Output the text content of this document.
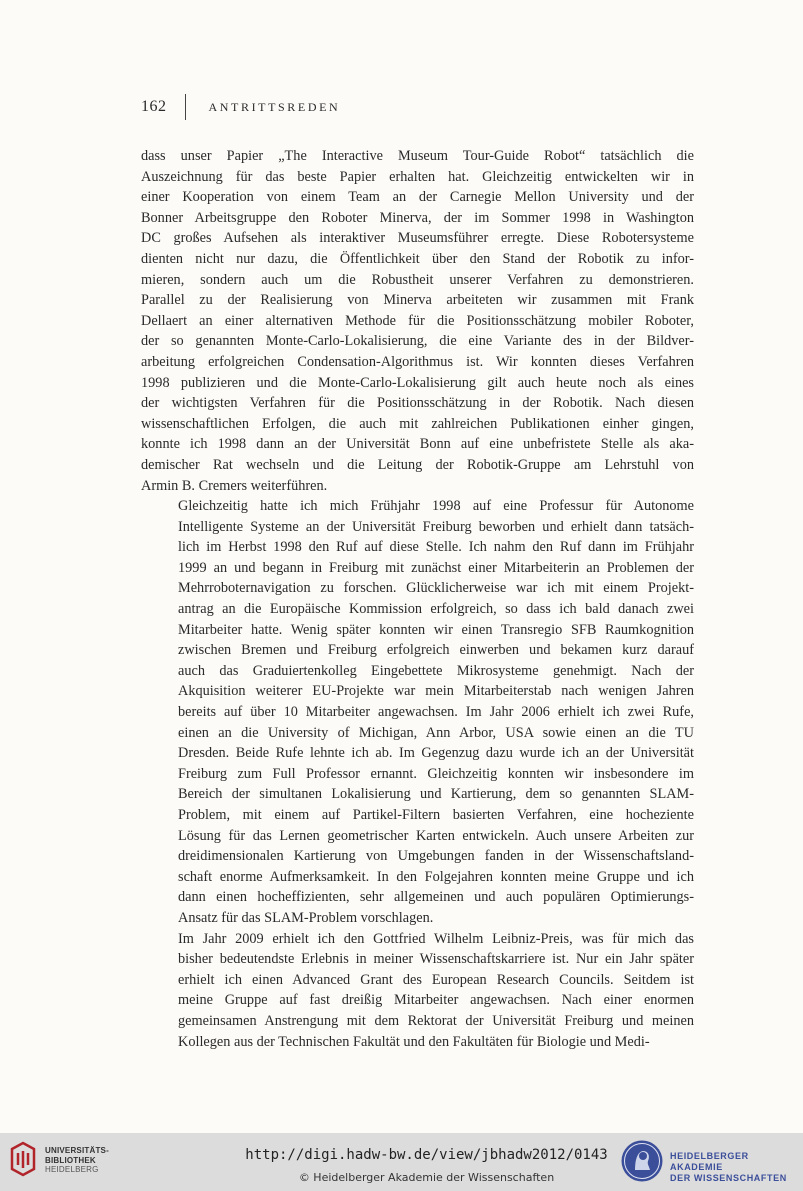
162	ANTRITTSREDEN

dass unser Papier „The Interactive Museum Tour-Guide Robot“ tatsächlich die
Auszeichnung für das beste Papier erhalten hat. Gleichzeitig entwickelten wir in
einer Kooperation von einem Team an der Carnegie Mellon University und der
Bonner Arbeitsgruppe den Roboter Minerva, der im Sommer 1998 in Washington
DC großes Aufsehen als interaktiver Museumsführer erregte. Diese Robotersysteme
dienten nicht nur dazu, die Öffentlichkeit über den Stand der Robotik zu infor-
mieren, sondern auch um die Robustheit unserer Verfahren zu demonstrieren.
Parallel zu der Realisierung von Minerva arbeiteten wir zusammen mit Frank
Dellaert an einer alternativen Methode für die Positionsschätzung mobiler Roboter,
der so genannten Monte-Carlo-Lokalisierung, die eine Variante des in der Bildver-
arbeitung erfolgreichen Condensation-Algorithmus ist. Wir konnten dieses Verfahren
1998 publizieren und die Monte-Carlo-Lokalisierung gilt auch heute noch als eines
der wichtigsten Verfahren für die Positionsschätzung in der Robotik. Nach diesen
wissenschaftlichen Erfolgen, die auch mit zahlreichen Publikationen einher gingen,
konnte ich 1998 dann an der Universität Bonn auf eine unbefristete Stelle als aka-
demischer Rat wechseln und die Leitung der Robotik-Gruppe am Lehrstuhl von
Armin B. Cremers weiterführen.

Gleichzeitig hatte ich mich Frühjahr 1998 auf eine Professur für Autonome
Intelligente Systeme an der Universität Freiburg beworben und erhielt dann tatsäch-
lich im Herbst 1998 den Ruf auf diese Stelle. Ich nahm den Ruf dann im Frühjahr
1999 an und begann in Freiburg mit zunächst einer Mitarbeiterin an Problemen der
Mehrroboternavigation zu forschen. Glücklicherweise war ich mit einem Projekt-
antrag an die Europäische Kommission erfolgreich, so dass ich bald danach zwei
Mitarbeiter hatte. Wenig später konnten wir einen Transregio SFB Raumkognition
zwischen Bremen und Freiburg erfolgreich einwerben und bekamen kurz darauf
auch das Graduiertenkolleg Eingebettete Mikrosysteme genehmigt. Nach der
Akquisition weiterer EU-Projekte war mein Mitarbeiterstab nach wenigen Jahren
bereits auf über 10 Mitarbeiter angewachsen. Im Jahr 2006 erhielt ich zwei Rufe,
einen an die University of Michigan, Ann Arbor, USA sowie einen an die TU
Dresden. Beide Rufe lehnte ich ab. Im Gegenzug dazu wurde ich an der Universität
Freiburg zum Full Professor ernannt. Gleichzeitig konnten wir insbesondere im
Bereich der simultanen Lokalisierung und Kartierung, dem so genannten SLAM-
Problem, mit einem auf Partikel-Filtern basierten Verfahren, eine hocheziente
Lösung für das Lernen geometrischer Karten entwickeln. Auch unsere Arbeiten zur
dreidimensionalen Kartierung von Umgebungen fanden in der Wissenschaftsland-
schaft enorme Aufmerksamkeit. In den Folgejahren konnten meine Gruppe und ich
dann einen hocheffizienten, sehr allgemeinen und auch populären Optimierungs-
Ansatz für das SLAM-Problem vorschlagen.

Im Jahr 2009 erhielt ich den Gottfried Wilhelm Leibniz-Preis, was für mich das
bisher bedeutendste Erlebnis in meiner Wissenschaftskarriere ist. Nur ein Jahr später
erhielt ich einen Advanced Grant des European Research Councils. Seitdem ist
meine Gruppe auf fast dreißig Mitarbeiter angewachsen. Nach einer enormen
gemeinsamen Anstrengung mit dem Rektorat der Universität Freiburg und meinen
Kollegen aus der Technischen Fakultät und den Fakultäten für Biologie und Medi-

UNIVERSITÄTS-
BIBLIOTHEK
HEIDELBERG
http://digi.hadw-bw.de/view/jbhadw2012/0143
© Heidelberger Akademie der Wissenschaften
HEIDELBERGER AKADEMIE
DER WISSENSCHAFTEN
